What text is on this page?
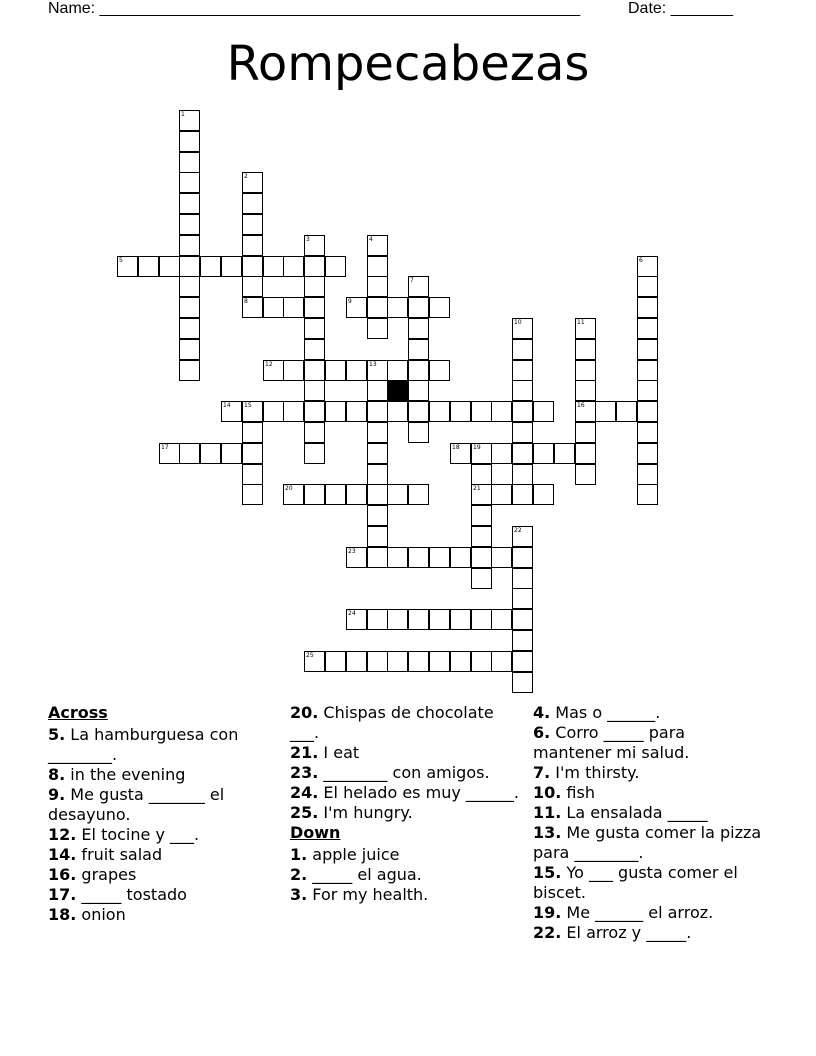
Name: ______________________________________________________	Date: _______
Rompecabezas
1
2
3	4
6
7
10	11
16
13
15
19
21
22
5
8	9
12
14
17	18
20
23
24
25
Across
5. La hamburguesa con ________.
8. in the evening
9. Me gusta _______ el desayuno.
12. El tocine y ___.
14. fruit salad
16. grapes
17. _____ tostado
18. onion
20. Chispas de chocolate ___.
21. I eat
23. ________ con amigos.
24. El helado es muy ______.
25. I'm hungry.
Down
1. apple juice
2. _____ el agua.
3. For my health.
4. Mas o ______.
6. Corro _____ para mantener mi salud.
7. I'm thirsty.
10. fish
11. La ensalada _____
13. Me gusta comer la pizza para ________.
15. Yo ___ gusta comer el biscet.
19. Me ______ el arroz.
22. El arroz y _____.
